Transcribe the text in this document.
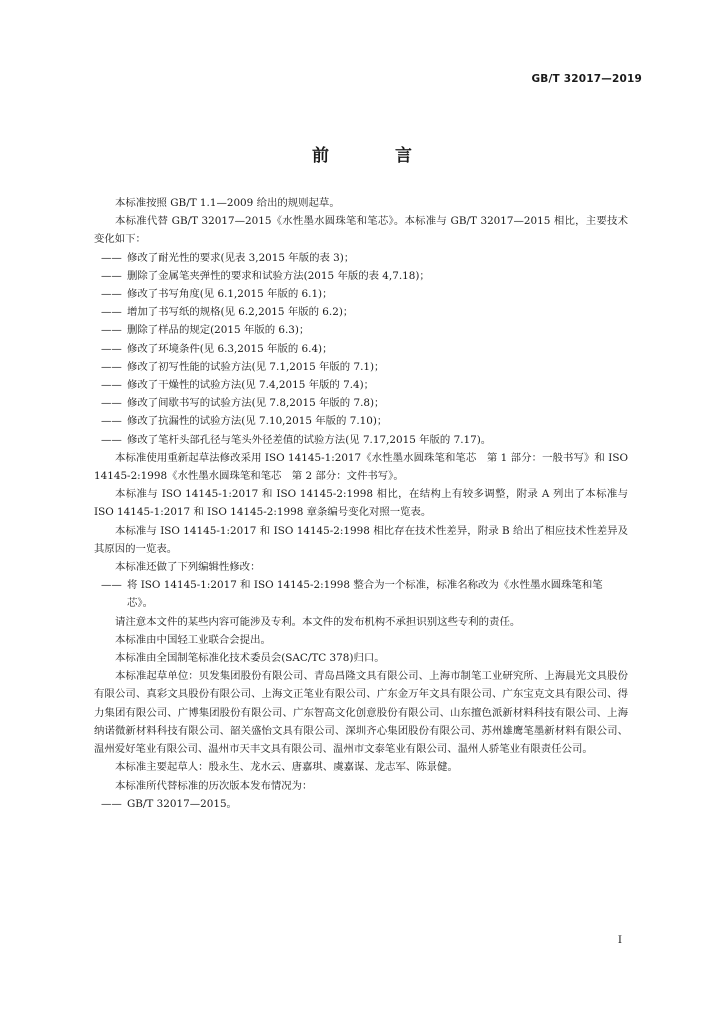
GB/T 32017—2019
前 言

本标准按照 GB/T 1.1—2009 给出的规则起草。

本标准代替 GB/T 32017—2015《水性墨水圆珠笔和笔芯》。本标准与 GB/T 32017—2015 相比，主要技术变化如下：

—— 修改了耐光性的要求(见表 3,2015 年版的表 3)；
—— 删除了金属笔夹弹性的要求和试验方法(2015 年版的表 4,7.18)；
—— 修改了书写角度(见 6.1,2015 年版的 6.1)；
—— 增加了书写纸的规格(见 6.2,2015 年版的 6.2)；
—— 删除了样品的规定(2015 年版的 6.3)；
—— 修改了环境条件(见 6.3,2015 年版的 6.4)；
—— 修改了初写性能的试验方法(见 7.1,2015 年版的 7.1)；
—— 修改了干燥性的试验方法(见 7.4,2015 年版的 7.4)；
—— 修改了间歇书写的试验方法(见 7.8,2015 年版的 7.8)；
—— 修改了抗漏性的试验方法(见 7.10,2015 年版的 7.10)；
—— 修改了笔杆头部孔径与笔头外径差值的试验方法(见 7.17,2015 年版的 7.17)。

本标准使用重新起草法修改采用 ISO 14145-1:2017《水性墨水圆珠笔和笔芯　第 1 部分：一般书写》和 ISO 14145-2:1998《水性墨水圆珠笔和笔芯　第 2 部分：文件书写》。

本标准与 ISO 14145-1:2017 和 ISO 14145-2:1998 相比，在结构上有较多调整，附录 A 列出了本标准与 ISO 14145-1:2017 和 ISO 14145-2:1998 章条编号变化对照一览表。

本标准与 ISO 14145-1:2017 和 ISO 14145-2:1998 相比存在技术性差异，附录 B 给出了相应技术性差异及其原因的一览表。

本标准还做了下列编辑性修改：

—— 将 ISO 14145-1:2017 和 ISO 14145-2:1998 整合为一个标准，标准名称改为《水性墨水圆珠笔和笔芯》。

请注意本文件的某些内容可能涉及专利。本文件的发布机构不承担识别这些专利的责任。

本标准由中国轻工业联合会提出。

本标准由全国制笔标准化技术委员会(SAC/TC 378)归口。

本标准起草单位：贝发集团股份有限公司、青岛昌隆文具有限公司、上海市制笔工业研究所、上海晨光文具股份有限公司、真彩文具股份有限公司、上海文正笔业有限公司、广东金万年文具有限公司、广东宝克文具有限公司、得力集团有限公司、广博集团股份有限公司、广东智高文化创意股份有限公司、山东擅色派新材料科技有限公司、上海纳诺微新材料科技有限公司、韶关盛怡文具有限公司、深圳齐心集团股份有限公司、苏州雄鹰笔墨新材料有限公司、温州爱好笔业有限公司、温州市天丰文具有限公司、温州市文泰笔业有限公司、温州人骄笔业有限责任公司。

本标准主要起草人：殷永生、龙水云、唐嘉琪、虞嘉谋、龙志军、陈景健。

本标准所代替标准的历次版本发布情况为：

—— GB/T 32017—2015。
I
